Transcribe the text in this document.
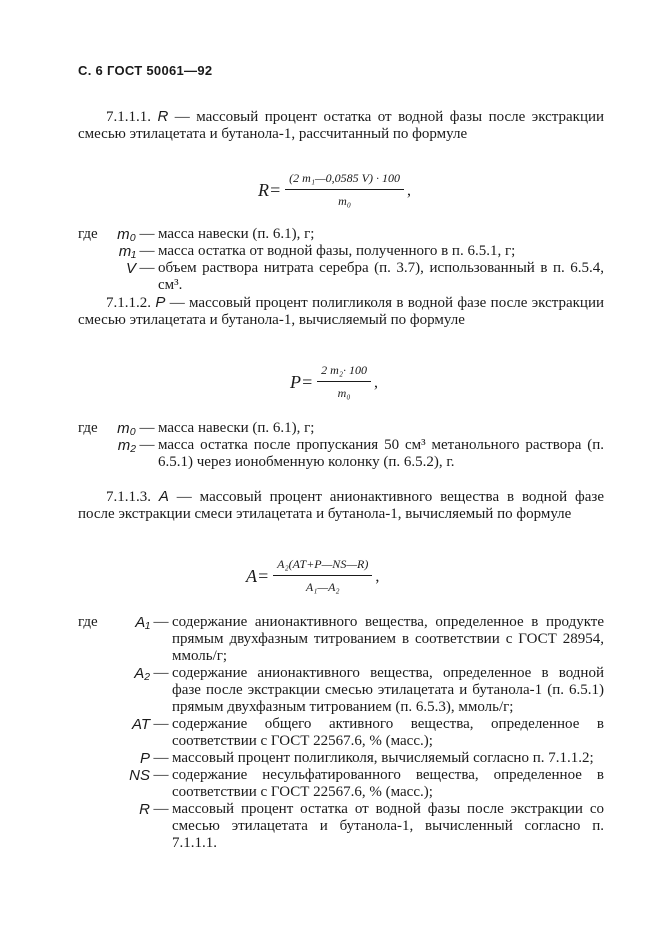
С. 6 ГОСТ 50061—92
7.1.1.1. R — массовый процент остатка от водной фазы после экстракции смесью этилацетата и бутанола-1, рассчитанный по формуле
$R= \frac{\text{(2 m₁—0,0585 V) · 100}}{\text{m₀}}$ ,
где	m₀ — масса навески (п. 6.1), г;
m₁ — масса остатка от водной фазы, полученного в п. 6.5.1, г;
V — объем раствора нитрата серебра (п. 3.7), использованный в п. 6.5.4, см³.
7.1.1.2. P — массовый процент полигликоля в водной фазе после экстракции смесью этилацетата и бутанола-1, вычисляемый по формуле
$P= \frac{\text{2 m₂· 100}}{\text{m₀}}$ ,
где	m₀ — масса навески (п. 6.1), г;
m₂ — масса остатка после пропускания 50 см³ метанольного раствора (п. 6.5.1) через ионобменную колонку (п. 6.5.2), г.
7.1.1.3. A — массовый процент анионактивного вещества в водной фазе после экстракции смеси этилацетата и бутанола-1, вычисляемый по формуле
$A= \frac{\text{A₂(AT+P—NS—R)}}{\text{A₁—A₂}}$ ,
где	A₁ — содержание анионактивного вещества, определенное в продукте прямым двухфазным титрованием в соответствии с ГОСТ 28954, ммоль/г;
A₂ — содержание анионактивного вещества, определенное в водной фазе после экстракции смесью этилацетата и бутанола-1 (п. 6.5.1) прямым двухфазным титрованием (п. 6.5.3), ммоль/г;
AT — содержание общего активного вещества, определенное в соответствии с ГОСТ 22567.6, % (масс.);
P — массовый процент полигликоля, вычисляемый согласно п. 7.1.1.2;
NS — содержание несульфатированного вещества, определенное в соответствии с ГОСТ 22567.6, % (масс.);
R — массовый процент остатка от водной фазы после экстракции со смесью этилацетата и бутанола-1, вычисленный согласно п. 7.1.1.1.
